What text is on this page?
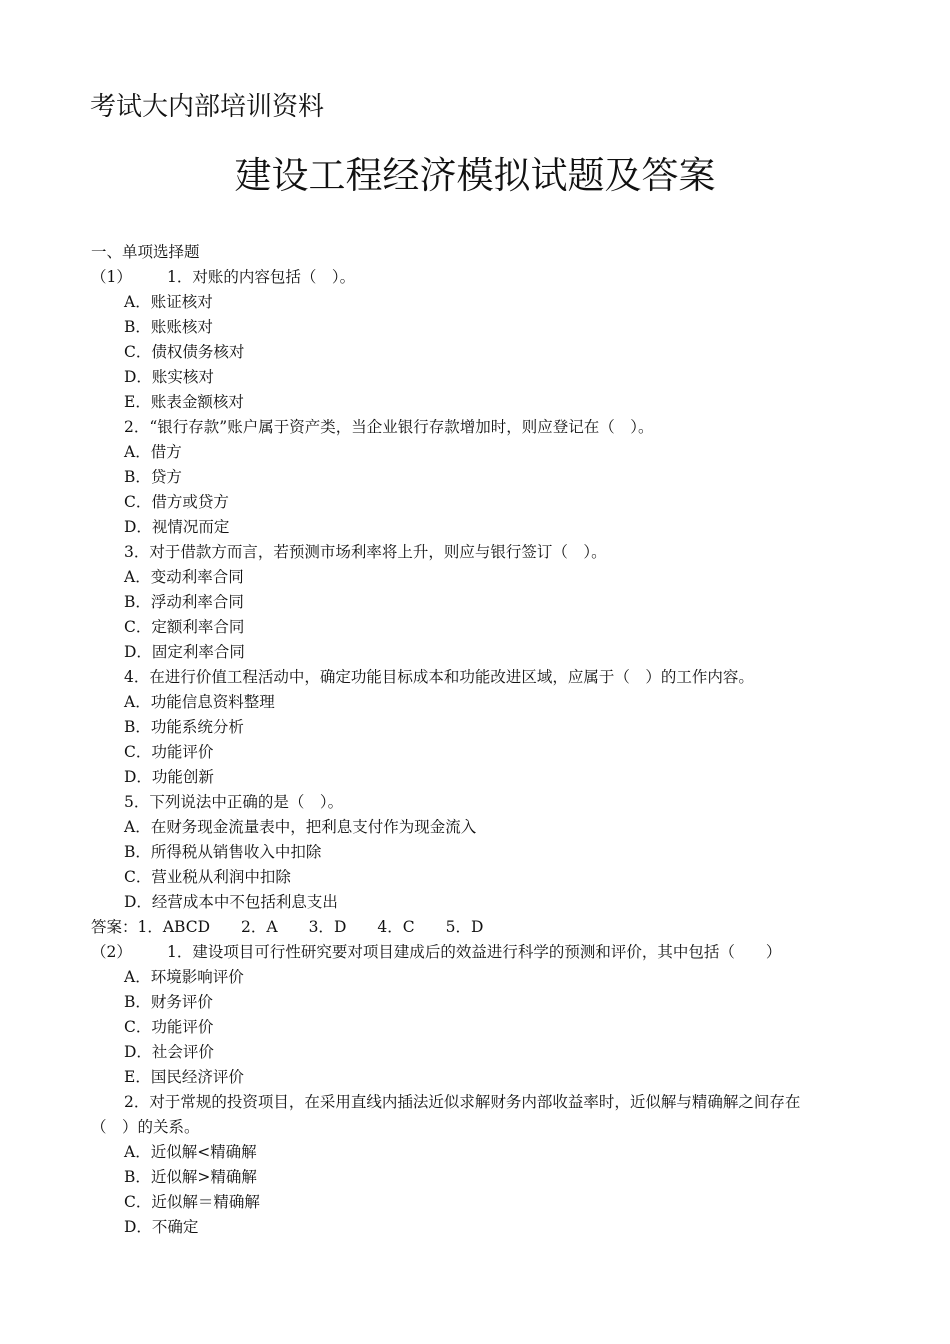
考试大内部培训资料
建设工程经济模拟试题及答案
一、单项选择题
（1） 1．对账的内容包括（　）。
A．账证核对
B．账账核对
C．债权债务核对
D．账实核对
E．账表金额核对
2．“银行存款”账户属于资产类，当企业银行存款增加时，则应登记在（　）。
A．借方
B．贷方
C．借方或贷方
D．视情况而定
3．对于借款方而言，若预测市场利率将上升，则应与银行签订（　）。
A．变动利率合同
B．浮动利率合同
C．定额利率合同
D．固定利率合同
4．在进行价值工程活动中，确定功能目标成本和功能改进区域，应属于（　）的工作内容。
A．功能信息资料整理
B．功能系统分析
C．功能评价
D．功能创新
5．下列说法中正确的是（　）。
A．在财务现金流量表中，把利息支付作为现金流入
B．所得税从销售收入中扣除
C．营业税从利润中扣除
D．经营成本中不包括利息支出
答案：1．ABCD　　2．A　　3．D　　4．C　　5．D
（2） 1．建设项目可行性研究要对项目建成后的效益进行科学的预测和评价，其中包括（　　）
A．环境影响评价
B．财务评价
C．功能评价
D．社会评价
E．国民经济评价
2．对于常规的投资项目，在采用直线内插法近似求解财务内部收益率时，近似解与精确解之间存在
（　）的关系。
A．近似解<精确解
B．近似解>精确解
C．近似解＝精确解
D．不确定
